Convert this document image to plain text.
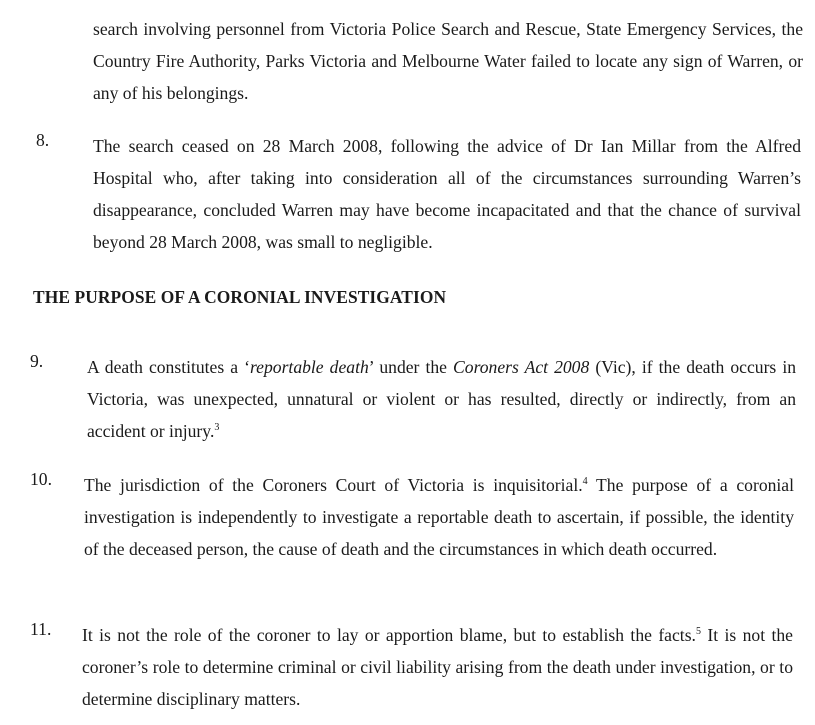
search involving personnel from Victoria Police Search and Rescue, State Emergency Services, the Country Fire Authority, Parks Victoria and Melbourne Water failed to locate any sign of Warren, or any of his belongings.
8. The search ceased on 28 March 2008, following the advice of Dr Ian Millar from the Alfred Hospital who, after taking into consideration all of the circumstances surrounding Warren’s disappearance, concluded Warren may have become incapacitated and that the chance of survival beyond 28 March 2008, was small to negligible.
THE PURPOSE OF A CORONIAL INVESTIGATION
9. A death constitutes a ‘reportable death’ under the Coroners Act 2008 (Vic), if the death occurs in Victoria, was unexpected, unnatural or violent or has resulted, directly or indirectly, from an accident or injury.$^3$
10. The jurisdiction of the Coroners Court of Victoria is inquisitorial.$^4$ The purpose of a coronial investigation is independently to investigate a reportable death to ascertain, if possible, the identity of the deceased person, the cause of death and the circumstances in which death occurred.
11. It is not the role of the coroner to lay or apportion blame, but to establish the facts.$^5$ It is not the coroner’s role to determine criminal or civil liability arising from the death under investigation, or to determine disciplinary matters.
